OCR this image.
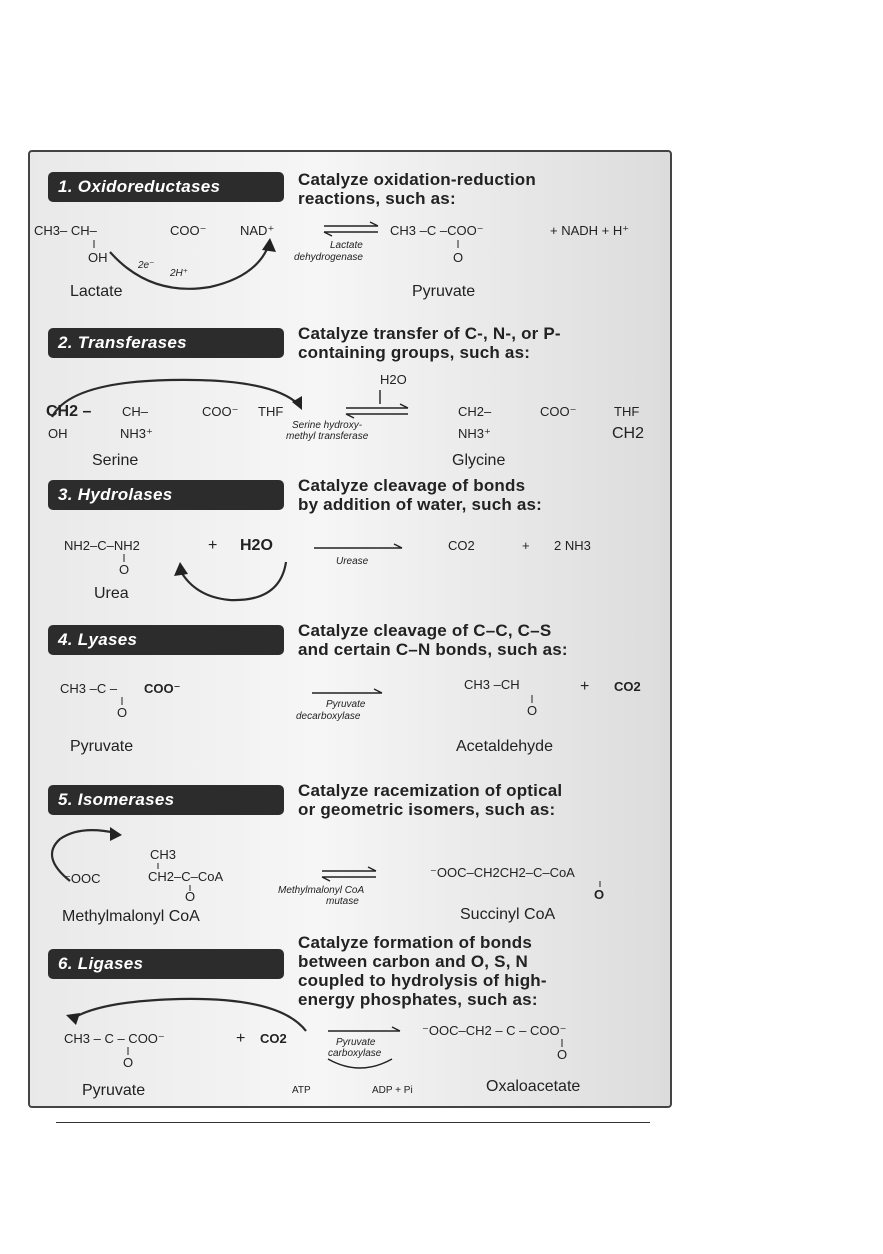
1. Oxidoreductases	Catalyze oxidation-reduction
reactions, such as:
CH3– CH–	COO⁻	NAD⁺
OH
2e⁻
2H⁺
Lactate
dehydrogenase
CH3 –C –COO⁻	+ NADH + H⁺
O
Lactate	Pyruvate
2. Transferases	Catalyze transfer of C-, N-, or P-
containing groups, such as:
H2O
CH2 – CH–	COO⁻ THF
OH	NH3⁺
Serine hydroxy-
methyl transferase
CH2–	COO⁻	THF
NH3⁺	CH2
Serine	Glycine
3. Hydrolases	Catalyze cleavage of bonds
by addition of water, such as:
NH2–C–NH2	+ H2O
O
Urease
CO2	+ 2 NH3
Urea
4. Lyases	Catalyze cleavage of C–C, C–S
and certain C–N bonds, such as:
CH3 –C – COO⁻
O
Pyruvate
decarboxylase
CH3 –CH	+ CO2
O
Pyruvate	Acetaldehyde
5. Isomerases	Catalyze racemization of optical
or geometric isomers, such as:
CH3
⁻OOC	CH2–C–CoA
O	Methylmalonyl CoA
mutase
⁻OOC–CH2CH2–C–CoA
O
Methylmalonyl CoA	Succinyl CoA
6. Ligases
Catalyze formation of bonds
between carbon and O, S, N
coupled to hydrolysis of high-
energy phosphates, such as:
CH3 – C – COO⁻	+ CO2
O
Pyruvate
carboxylase
ATP	ADP + Pi
⁻OOC–CH2 – C – COO⁻
O
Pyruvate	Oxaloacetate
